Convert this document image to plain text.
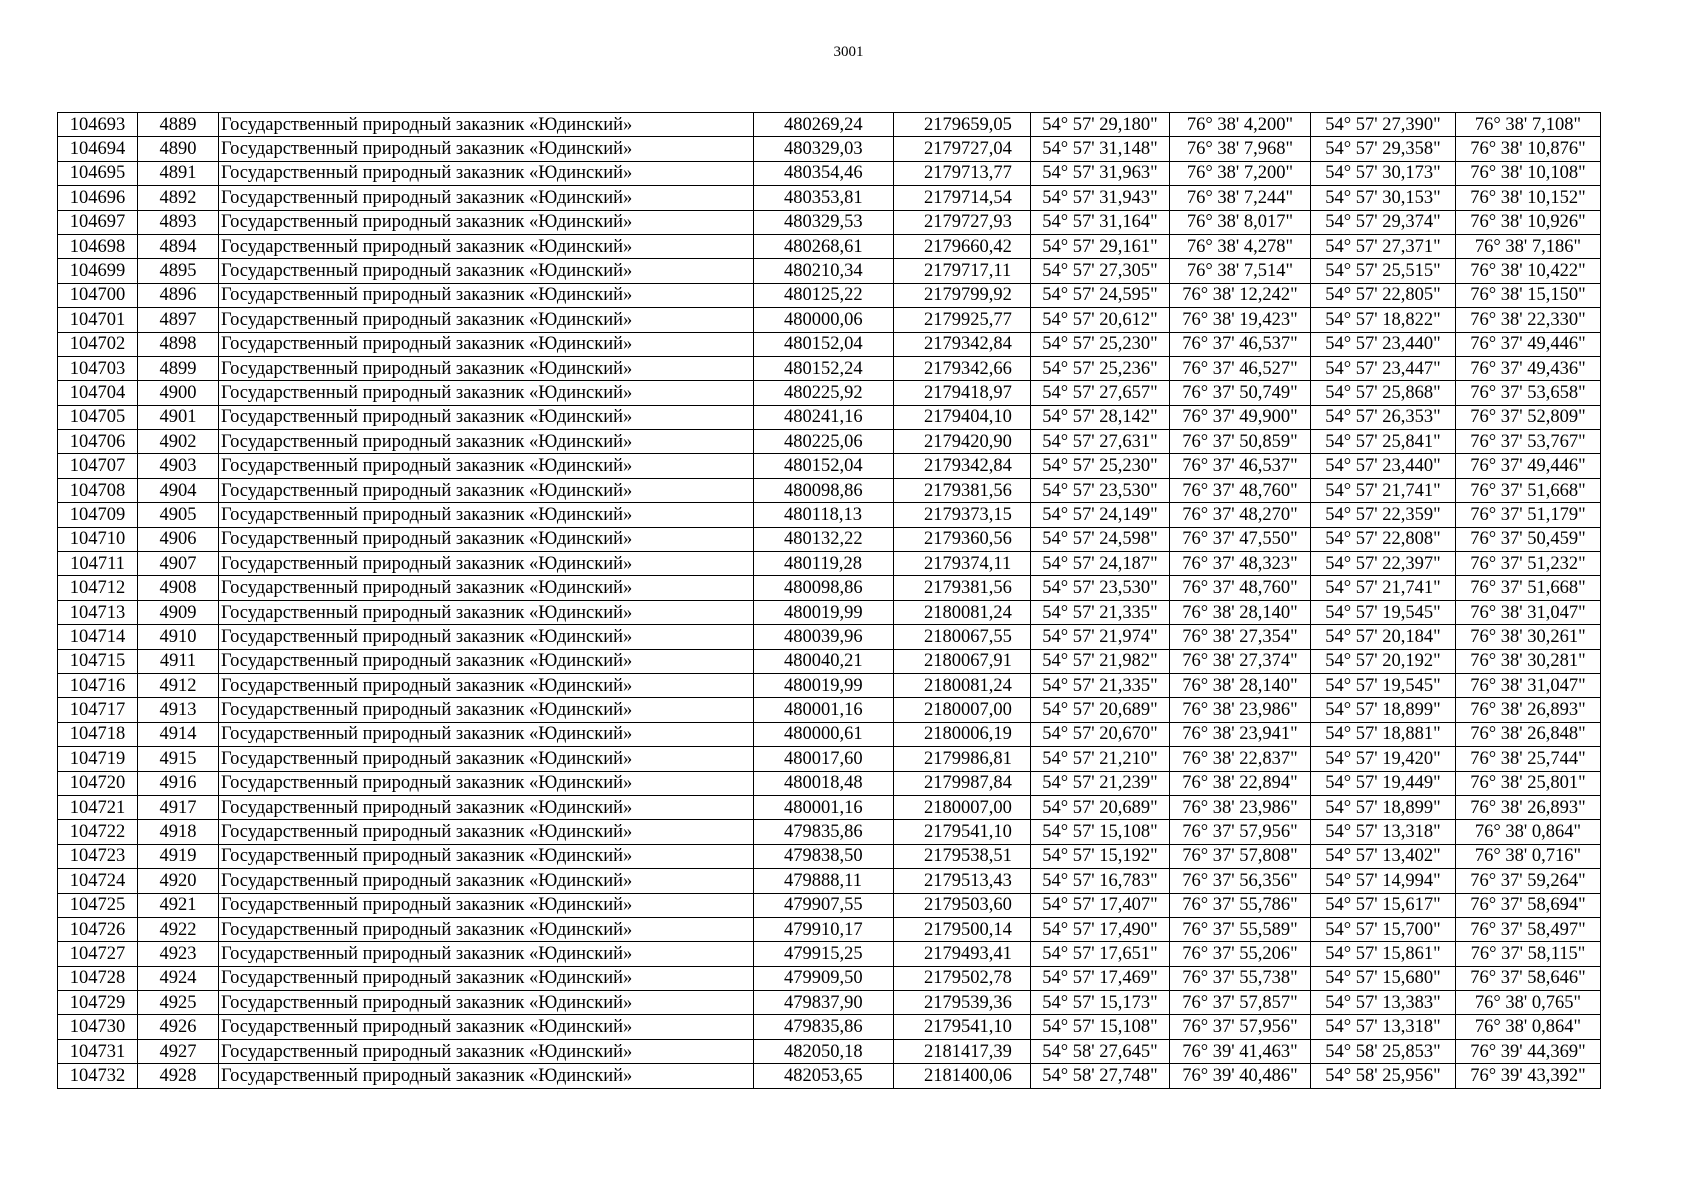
3001
104693	4889	Государственный природный заказник «Юдинский»	480269,24	2179659,05	54° 57' 29,180"	76° 38' 4,200"	54° 57' 27,390"	76° 38' 7,108"
104694	4890	Государственный природный заказник «Юдинский»	480329,03	2179727,04	54° 57' 31,148"	76° 38' 7,968"	54° 57' 29,358"	76° 38' 10,876"
104695	4891	Государственный природный заказник «Юдинский»	480354,46	2179713,77	54° 57' 31,963"	76° 38' 7,200"	54° 57' 30,173"	76° 38' 10,108"
104696	4892	Государственный природный заказник «Юдинский»	480353,81	2179714,54	54° 57' 31,943"	76° 38' 7,244"	54° 57' 30,153"	76° 38' 10,152"
104697	4893	Государственный природный заказник «Юдинский»	480329,53	2179727,93	54° 57' 31,164"	76° 38' 8,017"	54° 57' 29,374"	76° 38' 10,926"
104698	4894	Государственный природный заказник «Юдинский»	480268,61	2179660,42	54° 57' 29,161"	76° 38' 4,278"	54° 57' 27,371"	76° 38' 7,186"
104699	4895	Государственный природный заказник «Юдинский»	480210,34	2179717,11	54° 57' 27,305"	76° 38' 7,514"	54° 57' 25,515"	76° 38' 10,422"
104700	4896	Государственный природный заказник «Юдинский»	480125,22	2179799,92	54° 57' 24,595"	76° 38' 12,242"	54° 57' 22,805"	76° 38' 15,150"
104701	4897	Государственный природный заказник «Юдинский»	480000,06	2179925,77	54° 57' 20,612"	76° 38' 19,423"	54° 57' 18,822"	76° 38' 22,330"
104702	4898	Государственный природный заказник «Юдинский»	480152,04	2179342,84	54° 57' 25,230"	76° 37' 46,537"	54° 57' 23,440"	76° 37' 49,446"
104703	4899	Государственный природный заказник «Юдинский»	480152,24	2179342,66	54° 57' 25,236"	76° 37' 46,527"	54° 57' 23,447"	76° 37' 49,436"
104704	4900	Государственный природный заказник «Юдинский»	480225,92	2179418,97	54° 57' 27,657"	76° 37' 50,749"	54° 57' 25,868"	76° 37' 53,658"
104705	4901	Государственный природный заказник «Юдинский»	480241,16	2179404,10	54° 57' 28,142"	76° 37' 49,900"	54° 57' 26,353"	76° 37' 52,809"
104706	4902	Государственный природный заказник «Юдинский»	480225,06	2179420,90	54° 57' 27,631"	76° 37' 50,859"	54° 57' 25,841"	76° 37' 53,767"
104707	4903	Государственный природный заказник «Юдинский»	480152,04	2179342,84	54° 57' 25,230"	76° 37' 46,537"	54° 57' 23,440"	76° 37' 49,446"
104708	4904	Государственный природный заказник «Юдинский»	480098,86	2179381,56	54° 57' 23,530"	76° 37' 48,760"	54° 57' 21,741"	76° 37' 51,668"
104709	4905	Государственный природный заказник «Юдинский»	480118,13	2179373,15	54° 57' 24,149"	76° 37' 48,270"	54° 57' 22,359"	76° 37' 51,179"
104710	4906	Государственный природный заказник «Юдинский»	480132,22	2179360,56	54° 57' 24,598"	76° 37' 47,550"	54° 57' 22,808"	76° 37' 50,459"
104711	4907	Государственный природный заказник «Юдинский»	480119,28	2179374,11	54° 57' 24,187"	76° 37' 48,323"	54° 57' 22,397"	76° 37' 51,232"
104712	4908	Государственный природный заказник «Юдинский»	480098,86	2179381,56	54° 57' 23,530"	76° 37' 48,760"	54° 57' 21,741"	76° 37' 51,668"
104713	4909	Государственный природный заказник «Юдинский»	480019,99	2180081,24	54° 57' 21,335"	76° 38' 28,140"	54° 57' 19,545"	76° 38' 31,047"
104714	4910	Государственный природный заказник «Юдинский»	480039,96	2180067,55	54° 57' 21,974"	76° 38' 27,354"	54° 57' 20,184"	76° 38' 30,261"
104715	4911	Государственный природный заказник «Юдинский»	480040,21	2180067,91	54° 57' 21,982"	76° 38' 27,374"	54° 57' 20,192"	76° 38' 30,281"
104716	4912	Государственный природный заказник «Юдинский»	480019,99	2180081,24	54° 57' 21,335"	76° 38' 28,140"	54° 57' 19,545"	76° 38' 31,047"
104717	4913	Государственный природный заказник «Юдинский»	480001,16	2180007,00	54° 57' 20,689"	76° 38' 23,986"	54° 57' 18,899"	76° 38' 26,893"
104718	4914	Государственный природный заказник «Юдинский»	480000,61	2180006,19	54° 57' 20,670"	76° 38' 23,941"	54° 57' 18,881"	76° 38' 26,848"
104719	4915	Государственный природный заказник «Юдинский»	480017,60	2179986,81	54° 57' 21,210"	76° 38' 22,837"	54° 57' 19,420"	76° 38' 25,744"
104720	4916	Государственный природный заказник «Юдинский»	480018,48	2179987,84	54° 57' 21,239"	76° 38' 22,894"	54° 57' 19,449"	76° 38' 25,801"
104721	4917	Государственный природный заказник «Юдинский»	480001,16	2180007,00	54° 57' 20,689"	76° 38' 23,986"	54° 57' 18,899"	76° 38' 26,893"
104722	4918	Государственный природный заказник «Юдинский»	479835,86	2179541,10	54° 57' 15,108"	76° 37' 57,956"	54° 57' 13,318"	76° 38' 0,864"
104723	4919	Государственный природный заказник «Юдинский»	479838,50	2179538,51	54° 57' 15,192"	76° 37' 57,808"	54° 57' 13,402"	76° 38' 0,716"
104724	4920	Государственный природный заказник «Юдинский»	479888,11	2179513,43	54° 57' 16,783"	76° 37' 56,356"	54° 57' 14,994"	76° 37' 59,264"
104725	4921	Государственный природный заказник «Юдинский»	479907,55	2179503,60	54° 57' 17,407"	76° 37' 55,786"	54° 57' 15,617"	76° 37' 58,694"
104726	4922	Государственный природный заказник «Юдинский»	479910,17	2179500,14	54° 57' 17,490"	76° 37' 55,589"	54° 57' 15,700"	76° 37' 58,497"
104727	4923	Государственный природный заказник «Юдинский»	479915,25	2179493,41	54° 57' 17,651"	76° 37' 55,206"	54° 57' 15,861"	76° 37' 58,115"
104728	4924	Государственный природный заказник «Юдинский»	479909,50	2179502,78	54° 57' 17,469"	76° 37' 55,738"	54° 57' 15,680"	76° 37' 58,646"
104729	4925	Государственный природный заказник «Юдинский»	479837,90	2179539,36	54° 57' 15,173"	76° 37' 57,857"	54° 57' 13,383"	76° 38' 0,765"
104730	4926	Государственный природный заказник «Юдинский»	479835,86	2179541,10	54° 57' 15,108"	76° 37' 57,956"	54° 57' 13,318"	76° 38' 0,864"
104731	4927	Государственный природный заказник «Юдинский»	482050,18	2181417,39	54° 58' 27,645"	76° 39' 41,463"	54° 58' 25,853"	76° 39' 44,369"
104732	4928	Государственный природный заказник «Юдинский»	482053,65	2181400,06	54° 58' 27,748"	76° 39' 40,486"	54° 58' 25,956"	76° 39' 43,392"
